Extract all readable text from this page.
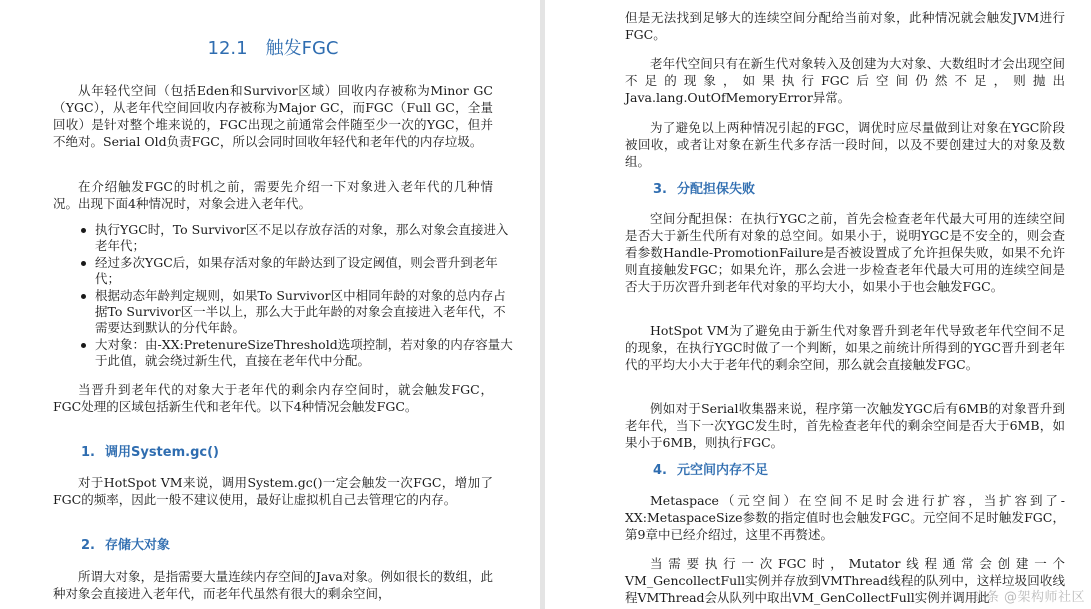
12.1 触发FGC

从年轻代空间（包括Eden和Survivor区域）回收内存被称为Minor GC（YGC），从老年代空间回收内存被称为Major GC，而FGC（Full GC，全量回收）是针对整个堆来说的，FGC出现之前通常会伴随至少一次的YGC，但并不绝对。Serial Old负责FGC，所以会同时回收年轻代和老年代的内存垃圾。

在介绍触发FGC的时机之前，需要先介绍一下对象进入老年代的几种情况。出现下面4种情况时，对象会进入老年代。

执行YGC时，To Survivor区不足以存放存活的对象，那么对象会直接进入老年代；
经过多次YGC后，如果存活对象的年龄达到了设定阈值，则会晋升到老年代；
根据动态年龄判定规则，如果To Survivor区中相同年龄的对象的总内存占据To Survivor区一半以上，那么大于此年龄的对象会直接进入老年代，不需要达到默认的分代年龄。
大对象：由-XX:PretenureSizeThreshold选项控制，若对象的内存容量大于此值，就会绕过新生代，直接在老年代中分配。

当晋升到老年代的对象大于老年代的剩余内存空间时，就会触发FGC，FGC处理的区域包括新生代和老年代。以下4种情况会触发FGC。

1. 调用System.gc()

对于HotSpot VM来说，调用System.gc()一定会触发一次FGC，增加了FGC的频率，因此一般不建议使用，最好让虚拟机自己去管理它的内存。

2. 存储大对象

所谓大对象，是指需要大量连续内存空间的Java对象。例如很长的数组，此种对象会直接进入老年代，而老年代虽然有很大的剩余空间，

但是无法找到足够大的连续空间分配给当前对象，此种情况就会触发JVM进行FGC。

老年代空间只有在新生代对象转入及创建为大对象、大数组时才会出现空间不足的现象，如果执行FGC后空间仍然不足，则抛出Java.lang.OutOfMemoryError异常。

为了避免以上两种情况引起的FGC，调优时应尽量做到让对象在YGC阶段被回收，或者让对象在新生代多存活一段时间，以及不要创建过大的对象及数组。

3. 分配担保失败

空间分配担保：在执行YGC之前，首先会检查老年代最大可用的连续空间是否大于新生代所有对象的总空间。如果小于，说明YGC是不安全的，则会查看参数Handle-PromotionFailure是否被设置成了允许担保失败，如果不允许则直接触发FGC；如果允许，那么会进一步检查老年代最大可用的连续空间是否大于历次晋升到老年代对象的平均大小，如果小于也会触发FGC。

HotSpot VM为了避免由于新生代对象晋升到老年代导致老年代空间不足的现象，在执行YGC时做了一个判断，如果之前统计所得到的YGC晋升到老年代的平均大小大于老年代的剩余空间，那么就会直接触发FGC。

例如对于Serial收集器来说，程序第一次触发YGC后有6MB的对象晋升到老年代，当下一次YGC发生时，首先检查老年代的剩余空间是否大于6MB，如果小于6MB，则执行FGC。

4. 元空间内存不足

Metaspace（元空间）在空间不足时会进行扩容，当扩容到了-XX:MetaspaceSize参数的指定值时也会触发FGC。元空间不足时触发FGC，第9章中已经介绍过，这里不再赘述。

当需要执行一次FGC时，Mutator线程通常会创建一个VM_GencollectFull实例并存放到VMThread线程的队列中，这样垃圾回收线程VMThread会从队列中取出VM_GenCollectFull实例并调用此

头条 @架构师社区
